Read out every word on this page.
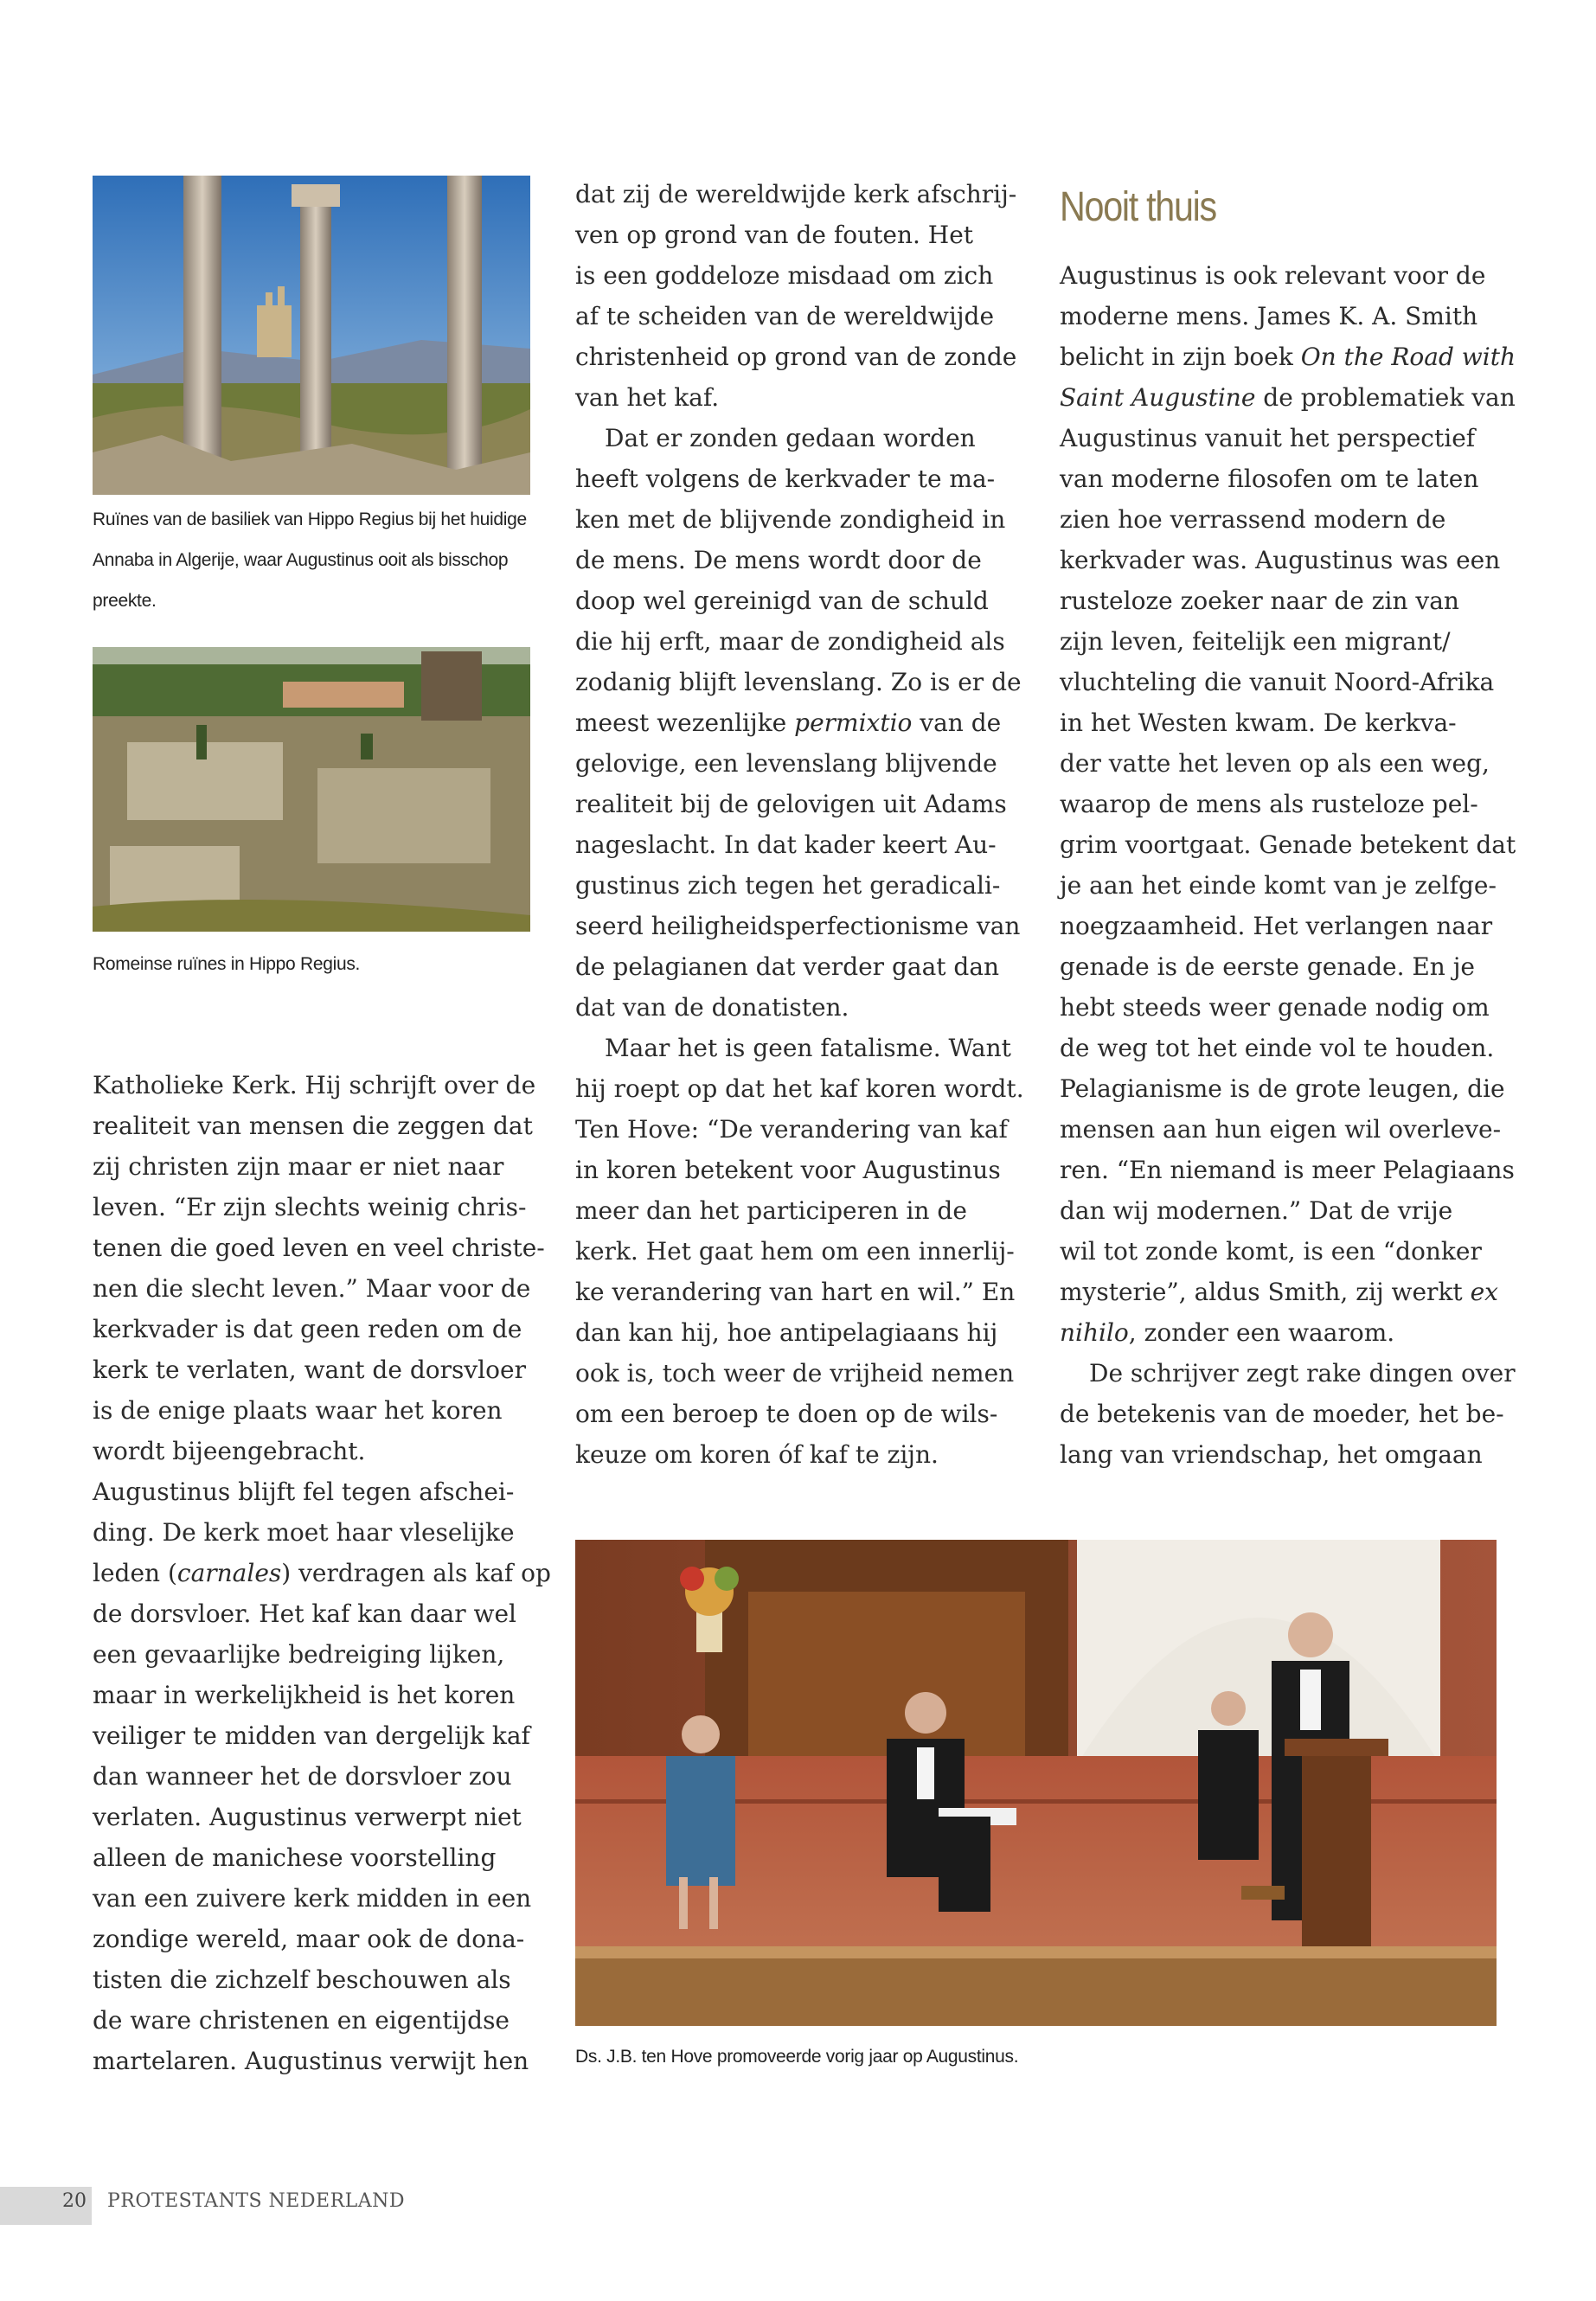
Ruïnes van de basiliek van Hippo Regius bij het huidige
Annaba in Algerije, waar Augustinus ooit als bisschop
preekte.
Romeinse ruïnes in Hippo Regius.
Katholieke Kerk. Hij schrijft over de
realiteit van mensen die zeggen dat
zij christen zijn maar er niet naar
leven. “Er zijn slechts weinig chris-
tenen die goed leven en veel christe-
nen die slecht leven.” Maar voor de
kerkvader is dat geen reden om de
kerk te verlaten, want de dorsvloer
is de enige plaats waar het koren
wordt bijeengebracht.
Augustinus blijft fel tegen afschei-
ding. De kerk moet haar vleselijke
leden (carnales) verdragen als kaf op
de dorsvloer. Het kaf kan daar wel
een gevaarlijke bedreiging lijken,
maar in werkelijkheid is het koren
veiliger te midden van dergelijk kaf
dan wanneer het de dorsvloer zou
verlaten. Augustinus verwerpt niet
alleen de manichese voorstelling
van een zuivere kerk midden in een
zondige wereld, maar ook de dona-
tisten die zichzelf beschouwen als
de ware christenen en eigentijdse
martelaren. Augustinus verwijt hen
dat zij de wereldwijde kerk afschrij-
ven op grond van de fouten. Het
is een goddeloze misdaad om zich
af te scheiden van de wereldwijde
christenheid op grond van de zonde
van het kaf.
Dat er zonden gedaan worden
heeft volgens de kerkvader te ma-
ken met de blijvende zondigheid in
de mens. De mens wordt door de
doop wel gereinigd van de schuld
die hij erft, maar de zondigheid als
zodanig blijft levenslang. Zo is er de
meest wezenlijke permixtio van de
gelovige, een levenslang blijvende
realiteit bij de gelovigen uit Adams
nageslacht. In dat kader keert Au-
gustinus zich tegen het geradicali-
seerd heiligheidsperfectionisme van
de pelagianen dat verder gaat dan
dat van de donatisten.
Maar het is geen fatalisme. Want
hij roept op dat het kaf koren wordt.
Ten Hove: “De verandering van kaf
in koren betekent voor Augustinus
meer dan het participeren in de
kerk. Het gaat hem om een innerlij-
ke verandering van hart en wil.” En
dan kan hij, hoe antipelagiaans hij
ook is, toch weer de vrijheid nemen
om een beroep te doen op de wils-
keuze om koren óf kaf te zijn.
Nooit thuis
Augustinus is ook relevant voor de
moderne mens. James K. A. Smith
belicht in zijn boek On the Road with
Saint Augustine de problematiek van
Augustinus vanuit het perspectief
van moderne filosofen om te laten
zien hoe verrassend modern de
kerkvader was. Augustinus was een
rusteloze zoeker naar de zin van
zijn leven, feitelijk een migrant/
vluchteling die vanuit Noord-Afrika
in het Westen kwam. De kerkva-
der vatte het leven op als een weg,
waarop de mens als rusteloze pel-
grim voortgaat. Genade betekent dat
je aan het einde komt van je zelfge-
noegzaamheid. Het verlangen naar
genade is de eerste genade. En je
hebt steeds weer genade nodig om
de weg tot het einde vol te houden.
Pelagianisme is de grote leugen, die
mensen aan hun eigen wil overleve-
ren. “En niemand is meer Pelagiaans
dan wij modernen.” Dat de vrije
wil tot zonde komt, is een “donker
mysterie”, aldus Smith, zij werkt ex
nihilo, zonder een waarom.
De schrijver zegt rake dingen over
de betekenis van de moeder, het be-
lang van vriendschap, het omgaan
Ds. J.B. ten Hove promoveerde vorig jaar op Augustinus.
20 PROTESTANTS NEDERLAND
